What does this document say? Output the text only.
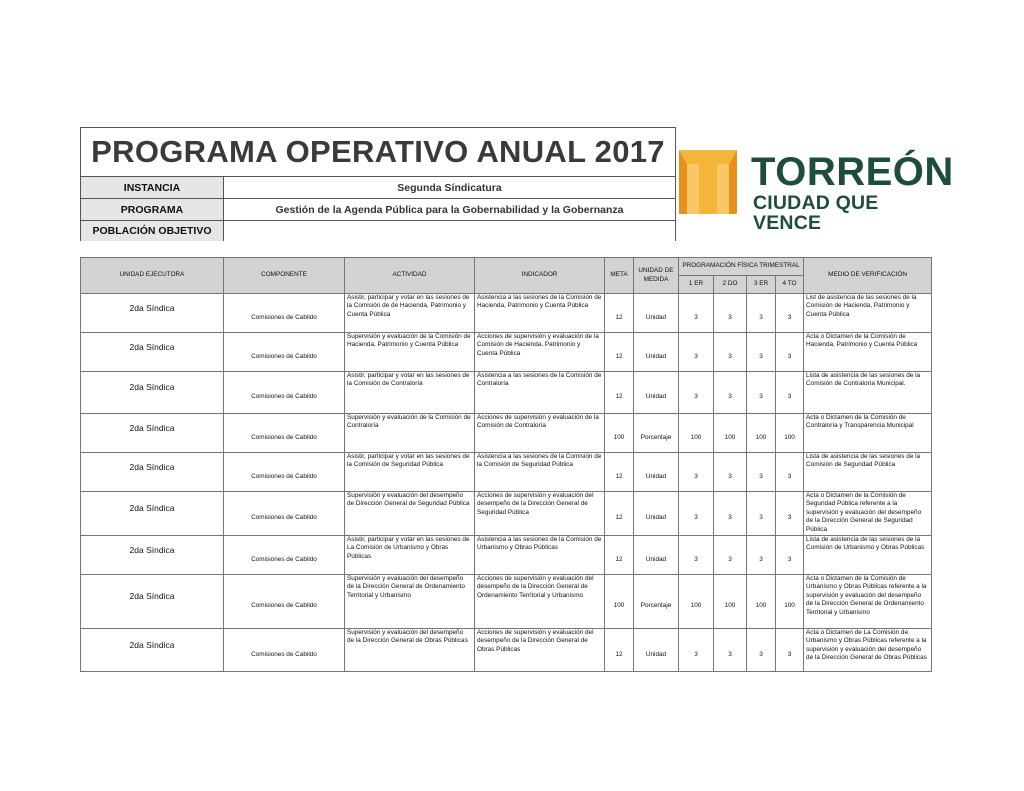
PROGRAMA OPERATIVO ANUAL 2017
INSTANCIA	Segunda Síndicatura
PROGRAMA	Gestión de la Agenda Pública para la Gobernabilidad y la Gobernanza
POBLACIÓN OBJETIVO
TORREÓN
CIUDAD QUE VENCE
UNIDAD EJECUTORA	COMPONENTE	ACTIVIDAD	INDICADOR	META	UNIDAD DE MEDIDA	PROGRAMACIÓN FÍSICA TRIMESTRAL				MEDIO DE VERIFICACIÓN
						1 ER	2 DO	3 ER	4 TO	
2da Síndica	Comisiones de Cabildo	Asistir, participar y votar en las sesiones de la Comisión de de Hacienda, Patrimonio y Cuenta Pública	Asistencia a las sesiones de la Comisión de Hacienda, Patrimonio y Cuenta Pública	12	Unidad	3	3	3	3	List de asistencia de las sesiones de la Comisión de Hacienda, Patrimonio y Cuenta Pública
2da Síndica	Comisiones de Cabildo	Supervisión y evaluación de la Comisión de Hacienda, Patrimonio y Cuenta Pública	Acciones de supervisión y evaluación de la Comisión de Hacienda, Patrimonio y Cuenta Pública	12	Unidad	3	3	3	3	Acta o Dictamen de la Comisión de Hacienda, Patrimonio y Cuenta Pública
2da Síndica	Comisiones de Cabildo	Asistir, participar y votar en las sesiones de la Comisión de Contraloría	Asistencia a las sesiones de la Comisión de Contraloría	12	Unidad	3	3	3	3	Lista de asistencia de las sesiones de la Comisión de Contraloría Municipal.
2da Síndica	Comisiones de Cabildo	Supervisión y evaluación de la Comisión de Contraloría	Acciones de supervisión y evaluación de la Comisión de Contraloría	100	Porcentaje	100	100	100	100	Acta o Dictamen de la Comisión de Contraloría y Transparencia Municipal
2da Síndica	Comisiones de Cabildo	Asistir, participar y votar en las sesiones de la Comisión de Seguridad Pública	Asistencia a las sesiones de la Comisión de la Comisión de Seguridad Pública	12	Unidad	3	3	3	3	Lista de asistencia de las sesiones de la Comisión de Seguridad Pública
2da Síndica	Comisiones de Cabildo	Supervisión y evaluación del desempeño de Dirección General de Seguridad Pública	Acciones de supervisión y evaluación del desempeño de la Dirección General de Seguridad Pública	12	Unidad	3	3	3	3	Acta o Dictamen de la Comisión de Seguridad Pública referente a la supervisión y evaluación del desempeño de la Dirección General de Seguridad Pública
2da Síndica	Comisiones de Cabildo	Asistir, participar y votar en las sesiones de La Comisión de Urbanismo y Obras Públicas	Asistencia a las sesiones de la Comisión de Urbanismo y Obras Públicas	12	Unidad	3	3	3	3	Lista de asistencia de las sesiones de la Comisión de Urbanismo y Obras Públicas
2da Síndica	Comisiones de Cabildo	Supervisión y evaluación del desempeño de la Dirección General de Ordenamiento Territorial y Urbanismo	Acciones de supervisión y evaluación del desempeño de la Dirección General de Ordenamiento Territorial y Urbanismo	100	Porcentaje	100	100	100	100	Acta o Dictamen de la Comisión de Urbanismo y Obras Públicas referente a la supervisión y evaluación del desempeño de la Dirección General de Ordenamiento Territorial y Urbanismo
2da Síndica	Comisiones de Cabildo	Supervisión y evaluación del desempeño de la Dirección General de Obras Públicas	Acciones de supervisión y evaluación del desempeño de la Dirección General de Obras Públicas	12	Unidad	3	3	3	3	Acta o Dictamen de La Comisión de Urbanismo y Obras Públicas referente a la supervisión y evaluación del desempeño de la Dirección General de Obras Públicas
